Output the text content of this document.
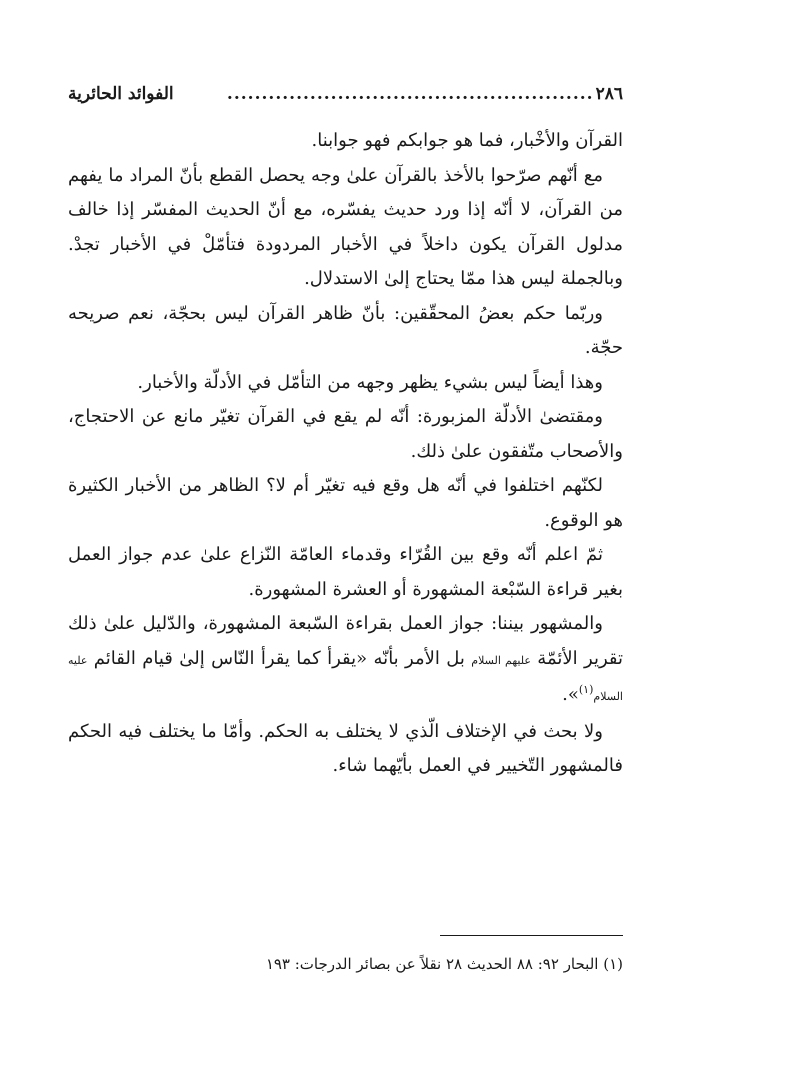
٢٨٦
.....................................................
الفوائد الحائرية

القرآن والأخْبار، فما هو جوابكم فهو جوابنا.

مع أنّهم صرّحوا بالأخذ بالقرآن علىٰ وجه يحصل القطع بأنّ المراد ما يفهم من القرآن، لا أنّه إذا ورد حديث يفسّره، مع أنّ الحديث المفسّر إذا خالف مدلول القرآن يكون داخلاً في الأخبار المردودة فتأمّلْ في الأخبار تجدْ. وبالجملة ليس هذا ممّا يحتاج إلىٰ الاستدلال.

وربّما حكم بعضُ المحقّقين: بأنّ ظاهر القرآن ليس بحجّة، نعم صريحه حجّة.

وهذا أيضاً ليس بشيء يظهر وجهه من التأمّل في الأدلّة والأخبار.

ومقتضىٰ الأدلّة المزبورة: أنّه لم يقع في القرآن تغيّر مانع عن الاحتجاج، والأصحاب متّفقون علىٰ ذلك.

لكنّهم اختلفوا في أنّه هل وقع فيه تغيّر أم لا؟ الظاهر من الأخبار الكثيرة هو الوقوع.

ثمّ اعلم أنّه وقع بين القُرّاء وقدماء العامّة النّزاع علىٰ عدم جواز العمل بغير قراءة السّبْعة المشهورة أو العشرة المشهورة.

والمشهور بيننا: جواز العمل بقراءة السّبعة المشهورة، والدّليل علىٰ ذلك تقرير الأئمّة عليهم السلام بل الأمر بأنّه «يقرأ كما يقرأ النّاس إلىٰ قيام القائم عليه السلام$^{(١)}$».

ولا بحث في الإختلاف الّذي لا يختلف به الحكم. وأمّا ما يختلف فيه الحكم فالمشهور التّخيير في العمل بأيّهما شاء.

(١) البحار ٩٢: ٨٨ الحديث ٢٨ نقلاً عن بصائر الدرجات: ١٩٣
